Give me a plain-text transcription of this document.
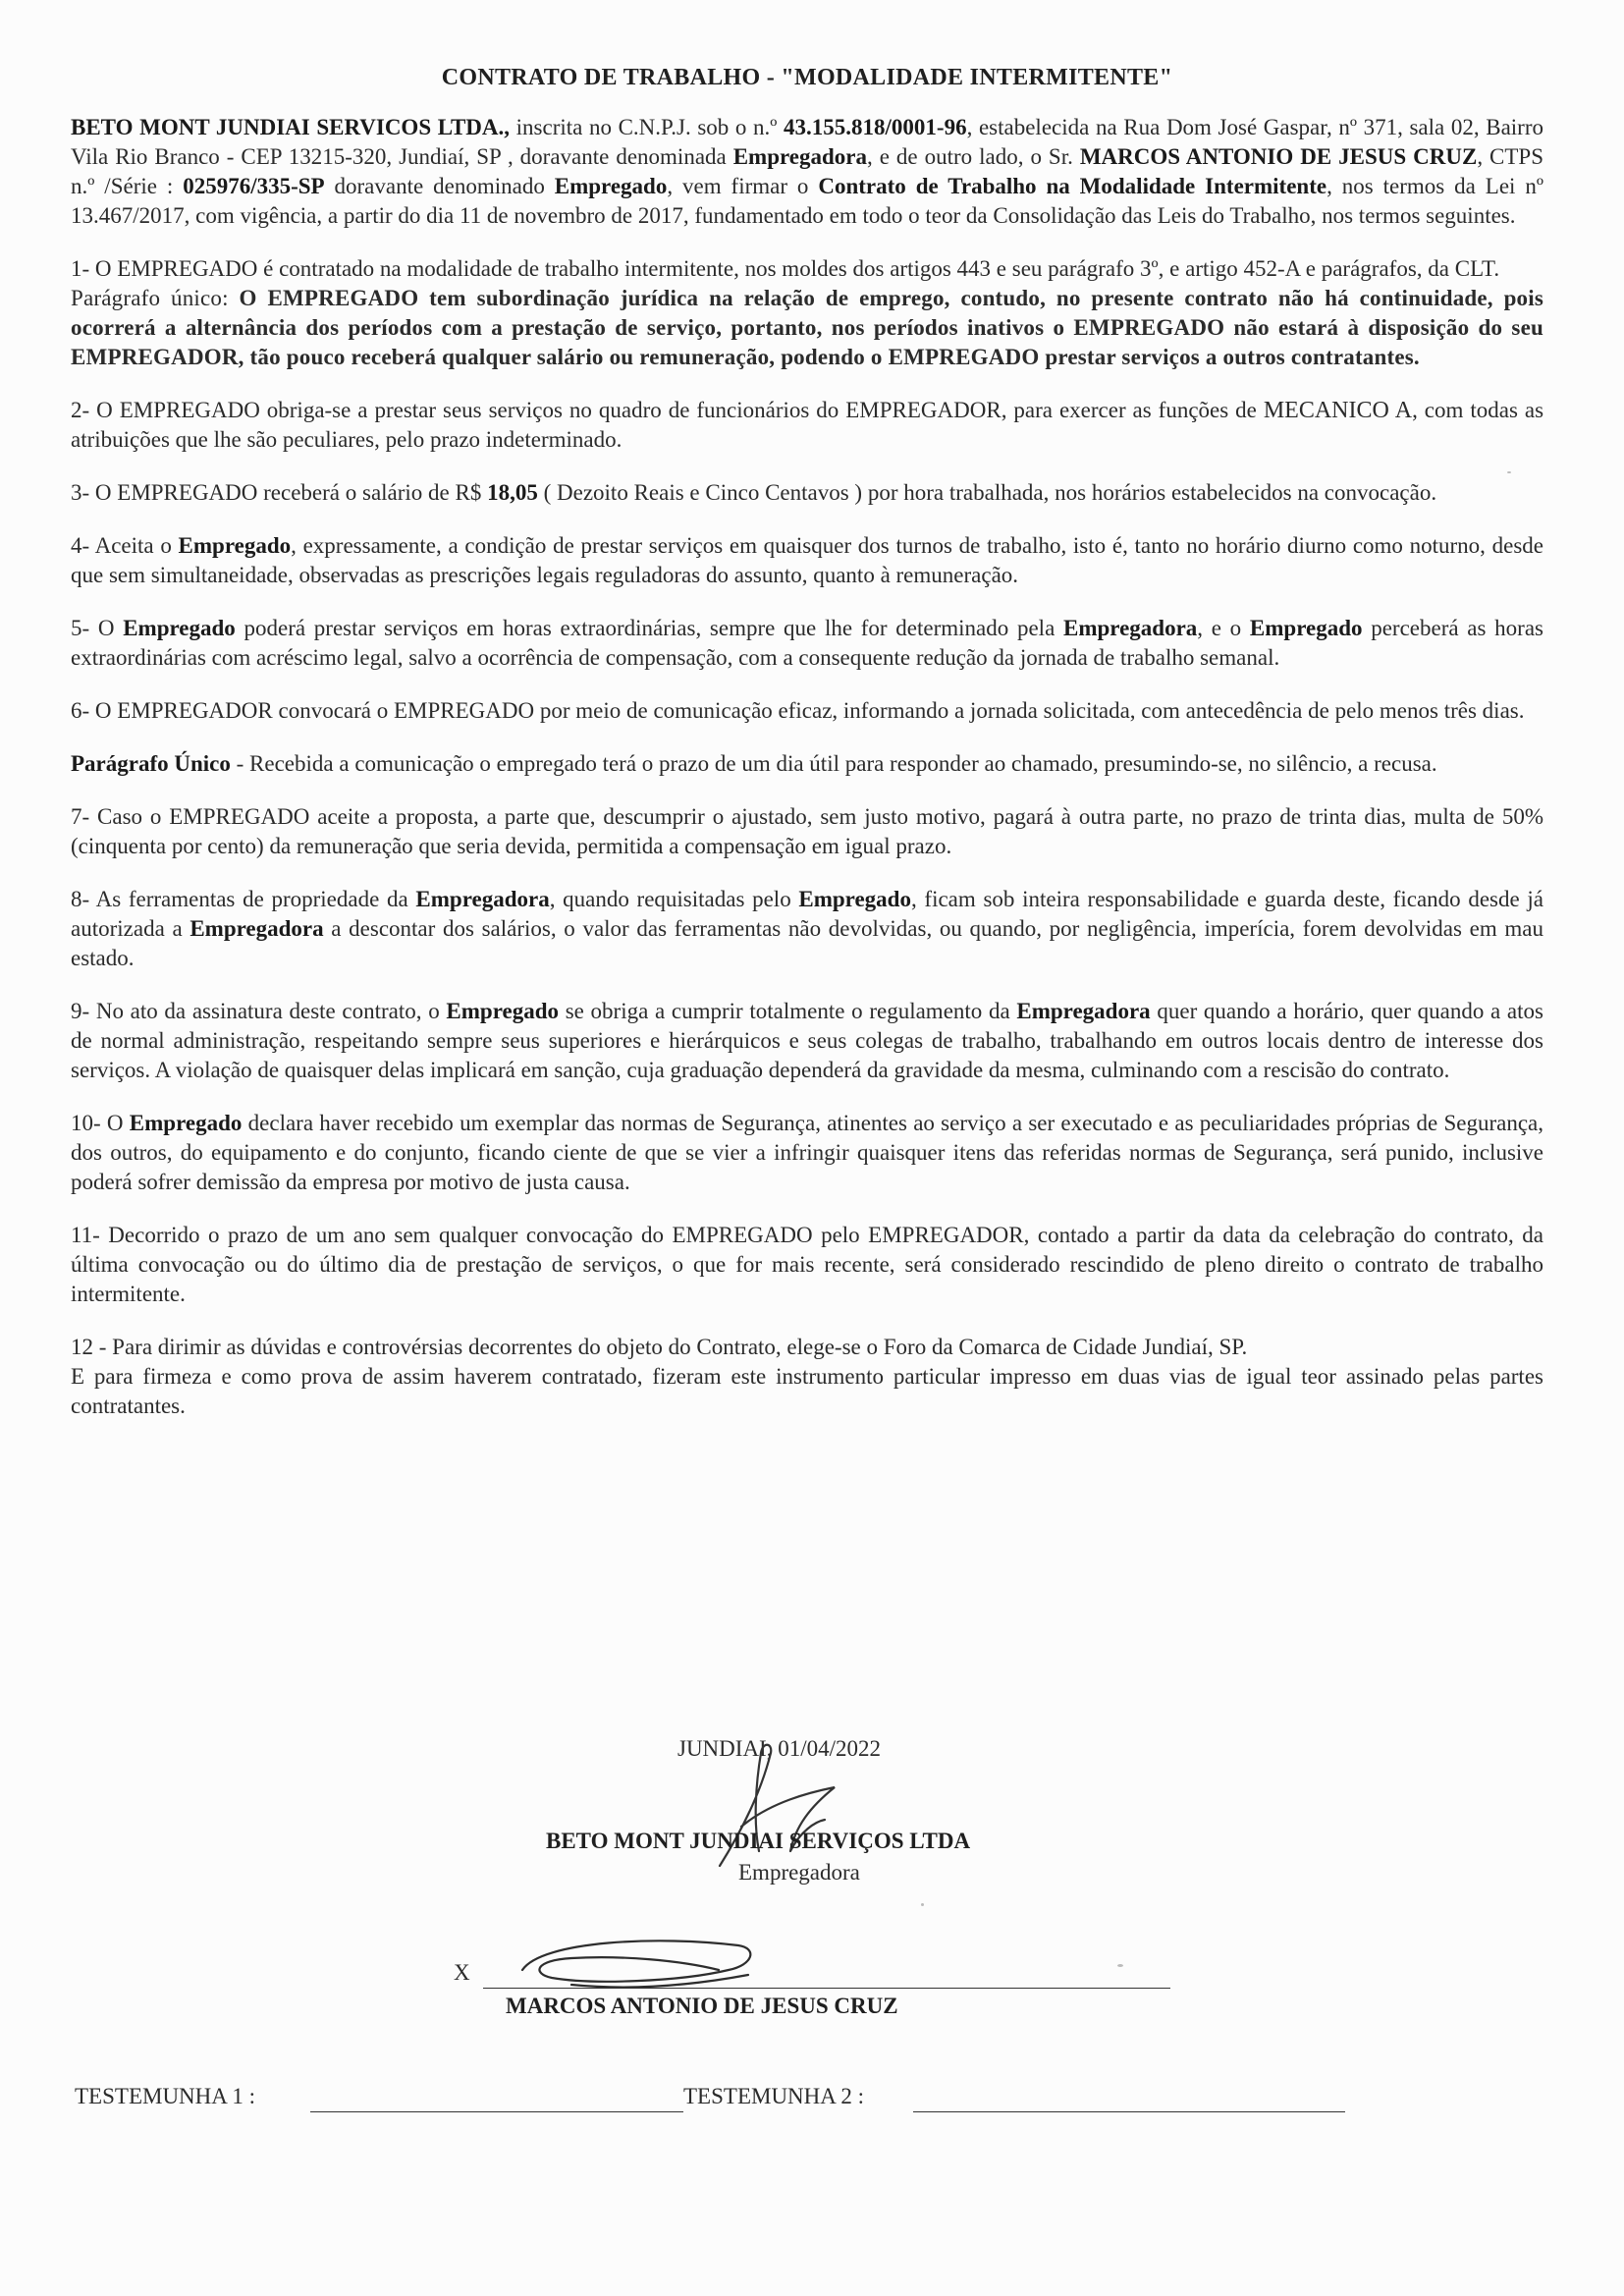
CONTRATO DE TRABALHO - "MODALIDADE INTERMITENTE"

BETO MONT JUNDIAI SERVICOS LTDA., inscrita no C.N.P.J. sob o n.º 43.155.818/0001-96, estabelecida na Rua Dom José Gaspar, nº 371, sala 02, Bairro Vila Rio Branco - CEP 13215-320, Jundiaí, SP , doravante denominada Empregadora, e de outro lado, o Sr. MARCOS ANTONIO DE JESUS CRUZ, CTPS n.º /Série : 025976/335-SP doravante denominado Empregado, vem firmar o Contrato de Trabalho na Modalidade Intermitente, nos termos da Lei nº 13.467/2017, com vigência, a partir do dia 11 de novembro de 2017, fundamentado em todo o teor da Consolidação das Leis do Trabalho, nos termos seguintes.

1- O EMPREGADO é contratado na modalidade de trabalho intermitente, nos moldes dos artigos 443 e seu parágrafo 3º, e artigo 452-A e parágrafos, da CLT.

Parágrafo único: O EMPREGADO tem subordinação jurídica na relação de emprego, contudo, no presente contrato não há continuidade, pois ocorrerá a alternância dos períodos com a prestação de serviço, portanto, nos períodos inativos o EMPREGADO não estará à disposição do seu EMPREGADOR, tão pouco receberá qualquer salário ou remuneração, podendo o EMPREGADO prestar serviços a outros contratantes.

2- O EMPREGADO obriga-se a prestar seus serviços no quadro de funcionários do EMPREGADOR, para exercer as funções de MECANICO A, com todas as atribuições que lhe são peculiares, pelo prazo indeterminado.

3- O EMPREGADO receberá o salário de R$ 18,05 ( Dezoito Reais e Cinco Centavos ) por hora trabalhada, nos horários estabelecidos na convocação.

4- Aceita o Empregado, expressamente, a condição de prestar serviços em quaisquer dos turnos de trabalho, isto é, tanto no horário diurno como noturno, desde que sem simultaneidade, observadas as prescrições legais reguladoras do assunto, quanto à remuneração.

5- O Empregado poderá prestar serviços em horas extraordinárias, sempre que lhe for determinado pela Empregadora, e o Empregado perceberá as horas extraordinárias com acréscimo legal, salvo a ocorrência de compensação, com a consequente redução da jornada de trabalho semanal.

6- O EMPREGADOR convocará o EMPREGADO por meio de comunicação eficaz, informando a jornada solicitada, com antecedência de pelo menos três dias.

Parágrafo Único - Recebida a comunicação o empregado terá o prazo de um dia útil para responder ao chamado, presumindo-se, no silêncio, a recusa.

7- Caso o EMPREGADO aceite a proposta, a parte que, descumprir o ajustado, sem justo motivo, pagará à outra parte, no prazo de trinta dias, multa de 50% (cinquenta por cento) da remuneração que seria devida, permitida a compensação em igual prazo.

8- As ferramentas de propriedade da Empregadora, quando requisitadas pelo Empregado, ficam sob inteira responsabilidade e guarda deste, ficando desde já autorizada a Empregadora a descontar dos salários, o valor das ferramentas não devolvidas, ou quando, por negligência, imperícia, forem devolvidas em mau estado.

9- No ato da assinatura deste contrato, o Empregado se obriga a cumprir totalmente o regulamento da Empregadora quer quando a horário, quer quando a atos de normal administração, respeitando sempre seus superiores e hierárquicos e seus colegas de trabalho, trabalhando em outros locais dentro de interesse dos serviços. A violação de quaisquer delas implicará em sanção, cuja graduação dependerá da gravidade da mesma, culminando com a rescisão do contrato.

10- O Empregado declara haver recebido um exemplar das normas de Segurança, atinentes ao serviço a ser executado e as peculiaridades próprias de Segurança, dos outros, do equipamento e do conjunto, ficando ciente de que se vier a infringir quaisquer itens das referidas normas de Segurança, será punido, inclusive poderá sofrer demissão da empresa por motivo de justa causa.

11- Decorrido o prazo de um ano sem qualquer convocação do EMPREGADO pelo EMPREGADOR, contado a partir da data da celebração do contrato, da última convocação ou do último dia de prestação de serviços, o que for mais recente, será considerado rescindido de pleno direito o contrato de trabalho intermitente.

12 - Para dirimir as dúvidas e controvérsias decorrentes do objeto do Contrato, elege-se o Foro da Comarca de Cidade Jundiaí, SP.

E para firmeza e como prova de assim haverem contratado, fizeram este instrumento particular impresso em duas vias de igual teor assinado pelas partes contratantes.

JUNDIAI, 01/04/2022
BETO MONT JUNDIAI SERVIÇOS LTDA
Empregadora
X
MARCOS ANTONIO DE JESUS CRUZ
TESTEMUNHA 1 :	TESTEMUNHA 2 :
